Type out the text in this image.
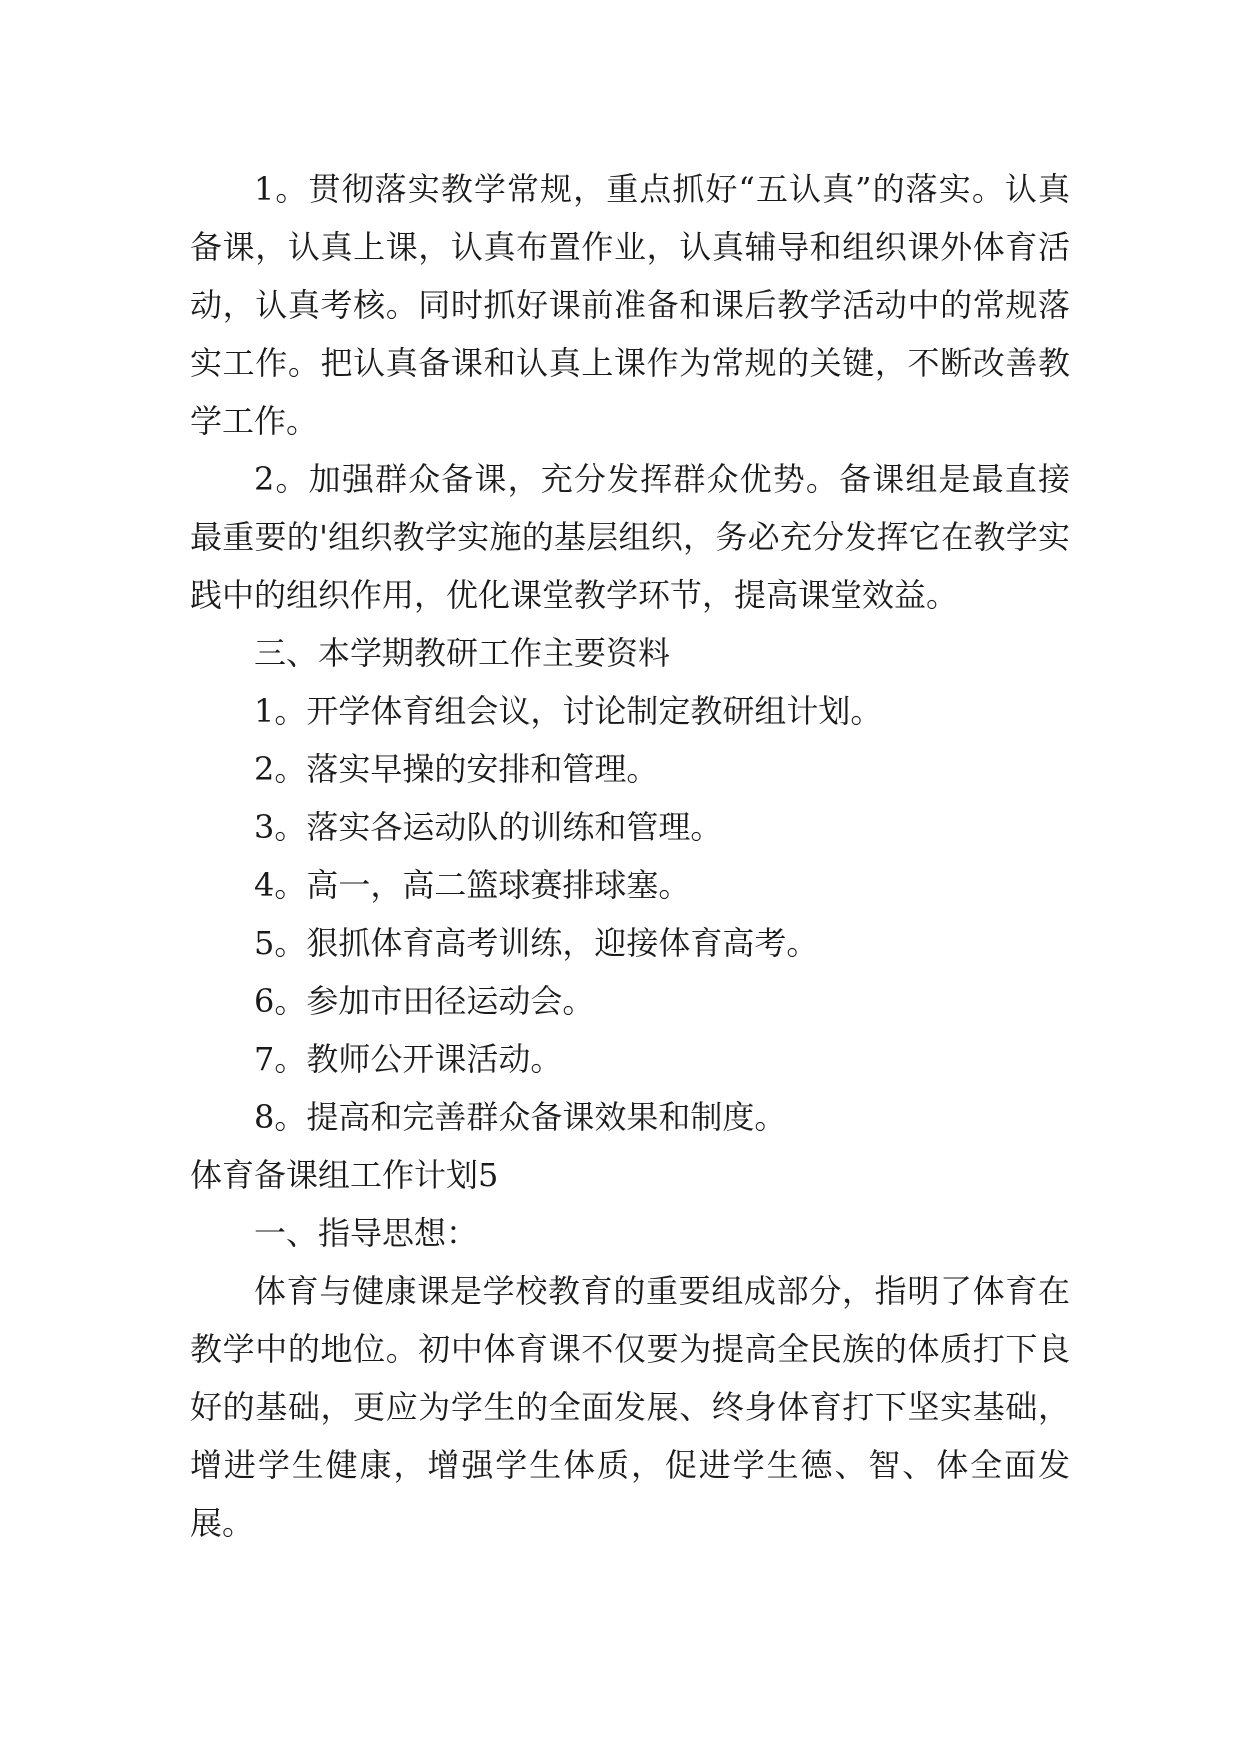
1。贯彻落实教学常规，重点抓好“五认真”的落实。认真备课，认真上课，认真布置作业，认真辅导和组织课外体育活动，认真考核。同时抓好课前准备和课后教学活动中的常规落实工作。把认真备课和认真上课作为常规的关键，不断改善教学工作。

2。加强群众备课，充分发挥群众优势。备课组是最直接最重要的'组织教学实施的基层组织，务必充分发挥它在教学实践中的组织作用，优化课堂教学环节，提高课堂效益。

三、本学期教研工作主要资料

1。开学体育组会议，讨论制定教研组计划。

2。落实早操的安排和管理。

3。落实各运动队的训练和管理。

4。高一，高二篮球赛排球塞。

5。狠抓体育高考训练，迎接体育高考。

6。参加市田径运动会。

7。教师公开课活动。

8。提高和完善群众备课效果和制度。

体育备课组工作计划5

一、指导思想：

体育与健康课是学校教育的重要组成部分，指明了体育在教学中的地位。初中体育课不仅要为提高全民族的体质打下良好的基础，更应为学生的全面发展、终身体育打下坚实基础，增进学生健康，增强学生体质，促进学生德、智、体全面发展。
